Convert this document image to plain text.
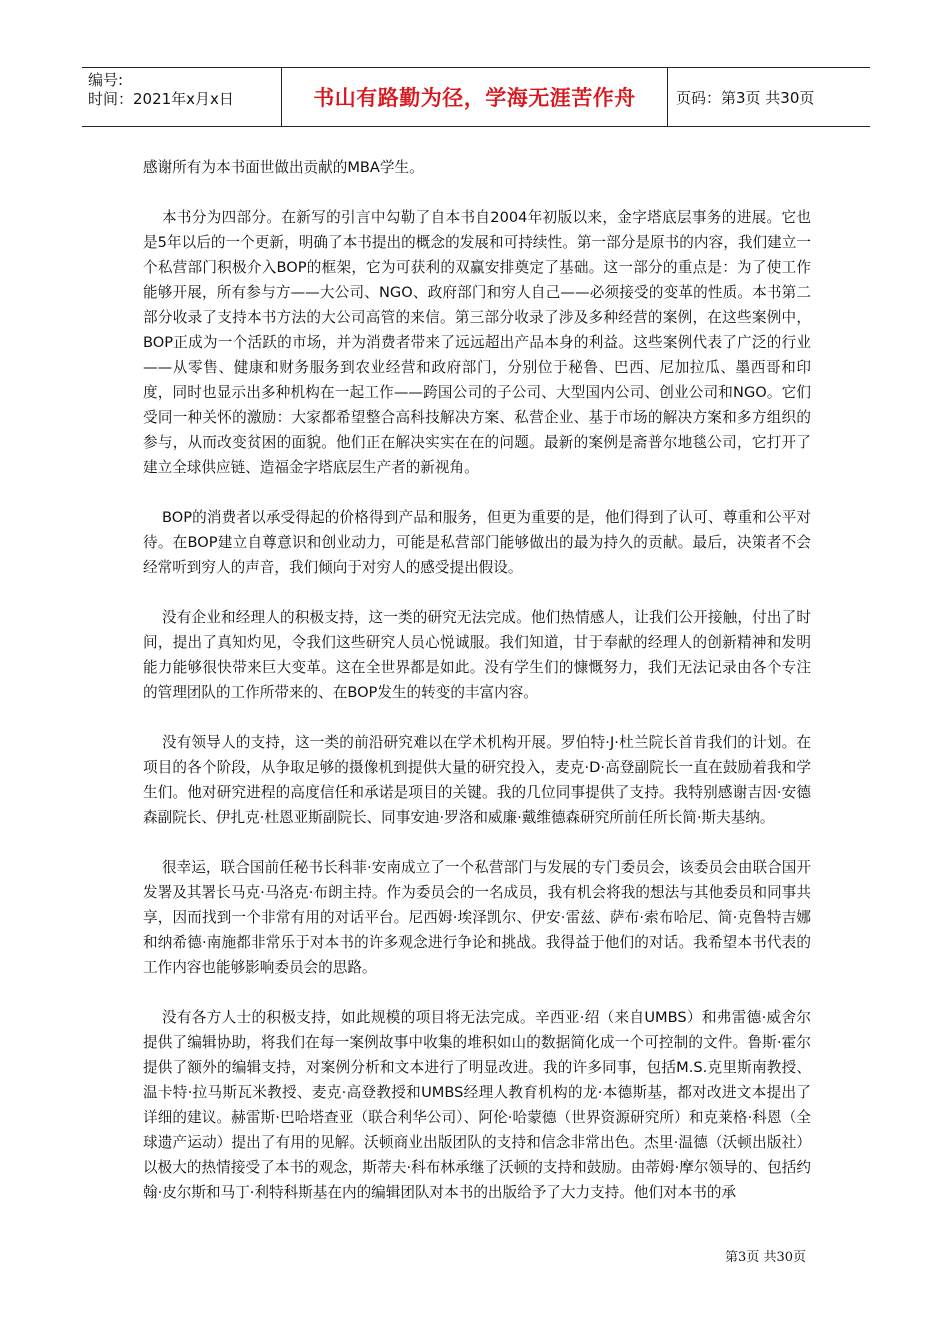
编号:
时间：2021年x月x日	书山有路勤为径，学海无涯苦作舟	页码：第3页 共30页

感谢所有为本书面世做出贡献的MBA学生。

本书分为四部分。在新写的引言中勾勒了自本书自2004年初版以来，金字塔底层事务的进展。它也是5年以后的一个更新，明确了本书提出的概念的发展和可持续性。第一部分是原书的内容，我们建立一个私营部门积极介入BOP的框架，它为可获利的双赢安排奠定了基础。这一部分的重点是：为了使工作能够开展，所有参与方——大公司、NGO、政府部门和穷人自己——必须接受的变革的性质。本书第二部分收录了支持本书方法的大公司高管的来信。第三部分收录了涉及多种经营的案例，在这些案例中，BOP正成为一个活跃的市场，并为消费者带来了远远超出产品本身的利益。这些案例代表了广泛的行业——从零售、健康和财务服务到农业经营和政府部门，分别位于秘鲁、巴西、尼加拉瓜、墨西哥和印度，同时也显示出多种机构在一起工作——跨国公司的子公司、大型国内公司、创业公司和NGO。它们受同一种关怀的激励：大家都希望整合高科技解决方案、私营企业、基于市场的解决方案和多方组织的参与，从而改变贫困的面貌。他们正在解决实实在在的问题。最新的案例是斋普尔地毯公司，它打开了建立全球供应链、造福金字塔底层生产者的新视角。

BOP的消费者以承受得起的价格得到产品和服务，但更为重要的是，他们得到了认可、尊重和公平对待。在BOP建立自尊意识和创业动力，可能是私营部门能够做出的最为持久的贡献。最后，决策者不会经常听到穷人的声音，我们倾向于对穷人的感受提出假设。

没有企业和经理人的积极支持，这一类的研究无法完成。他们热情感人，让我们公开接触，付出了时间，提出了真知灼见，令我们这些研究人员心悦诚服。我们知道，甘于奉献的经理人的创新精神和发明能力能够很快带来巨大变革。这在全世界都是如此。没有学生们的慷慨努力，我们无法记录由各个专注的管理团队的工作所带来的、在BOP发生的转变的丰富内容。

没有领导人的支持，这一类的前沿研究难以在学术机构开展。罗伯特·J·杜兰院长首肯我们的计划。在项目的各个阶段，从争取足够的摄像机到提供大量的研究投入，麦克·D·高登副院长一直在鼓励着我和学生们。他对研究进程的高度信任和承诺是项目的关键。我的几位同事提供了支持。我特别感谢吉因·安德森副院长、伊扎克·杜恩亚斯副院长、同事安迪·罗洛和威廉·戴维德森研究所前任所长简·斯夫基纳。

很幸运，联合国前任秘书长科菲·安南成立了一个私营部门与发展的专门委员会，该委员会由联合国开发署及其署长马克·马洛克·布朗主持。作为委员会的一名成员，我有机会将我的想法与其他委员和同事共享，因而找到一个非常有用的对话平台。尼西姆·埃泽凯尔、伊安·雷兹、萨布·索布哈尼、简·克鲁特吉娜和纳希德·南施都非常乐于对本书的许多观念进行争论和挑战。我得益于他们的对话。我希望本书代表的工作内容也能够影响委员会的思路。

没有各方人士的积极支持，如此规模的项目将无法完成。辛西亚·绍（来自UMBS）和弗雷德·威舍尔提供了编辑协助，将我们在每一案例故事中收集的堆积如山的数据简化成一个可控制的文件。鲁斯·霍尔提供了额外的编辑支持，对案例分析和文本进行了明显改进。我的许多同事，包括M.S.克里斯南教授、温卡特·拉马斯瓦米教授、麦克·高登教授和UMBS经理人教育机构的龙·本德斯基，都对改进文本提出了详细的建议。赫雷斯·巴哈塔查亚（联合利华公司）、阿伦·哈蒙德（世界资源研究所）和克莱格·科恩（全球遗产运动）提出了有用的见解。沃顿商业出版团队的支持和信念非常出色。杰里·温德（沃顿出版社）以极大的热情接受了本书的观念，斯蒂夫·科布林承继了沃顿的支持和鼓励。由蒂姆·摩尔领导的、包括约翰·皮尔斯和马丁·利特科斯基在内的编辑团队对本书的出版给予了大力支持。他们对本书的承

第3页 共30页
